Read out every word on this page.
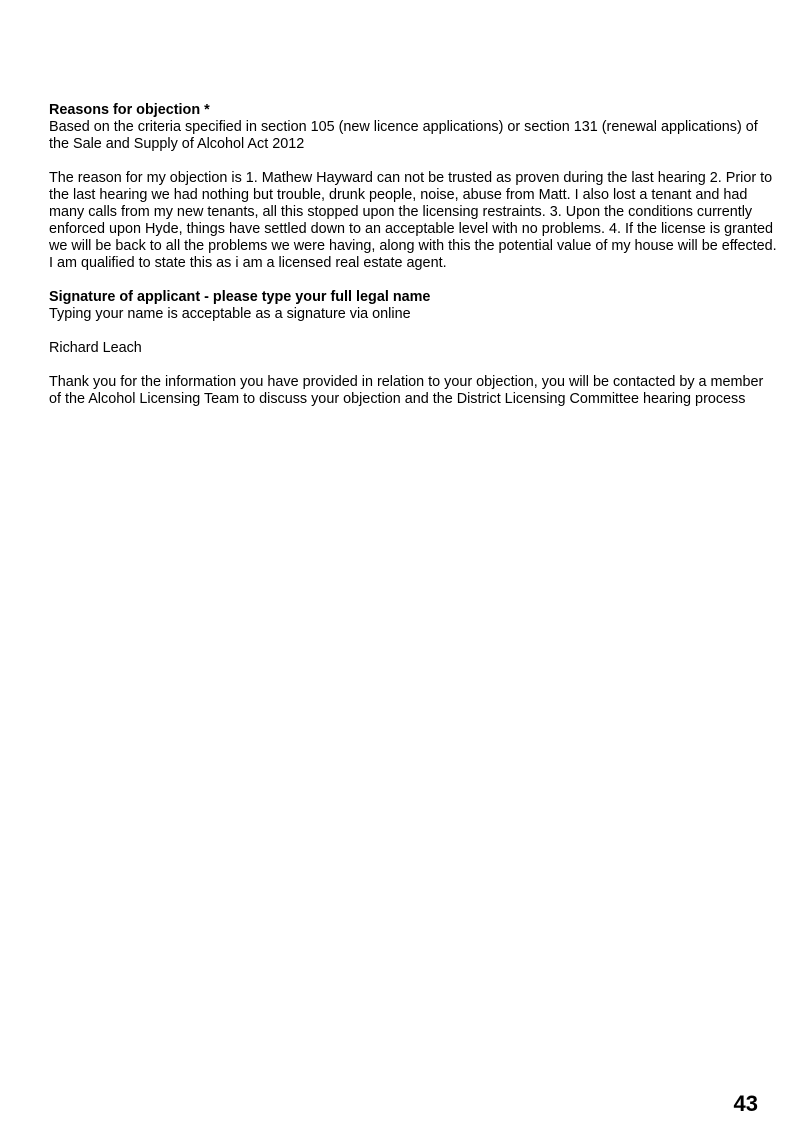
Reasons for objection *
Based on the criteria specified in section 105 (new licence applications) or section 131 (renewal applications) of the Sale and Supply of Alcohol Act 2012

The reason for my objection is 1. Mathew Hayward can not be trusted as proven during the last hearing 2. Prior to the last hearing we had nothing but trouble, drunk people, noise, abuse from Matt. I also lost a tenant and had many calls from my new tenants, all this stopped upon the licensing restraints. 3. Upon the conditions currently enforced upon Hyde, things have settled down to an acceptable level with no problems. 4. If the license is granted we will be back to all the problems we were having, along with this the potential value of my house will be effected. I am qualified to state this as i am a licensed real estate agent.

Signature of applicant - please type your full legal name
Typing your name is acceptable as a signature via online

Richard Leach

Thank you for the information you have provided in relation to your objection, you will be contacted by a member of the Alcohol Licensing Team to discuss your objection and the District Licensing Committee hearing process

43
